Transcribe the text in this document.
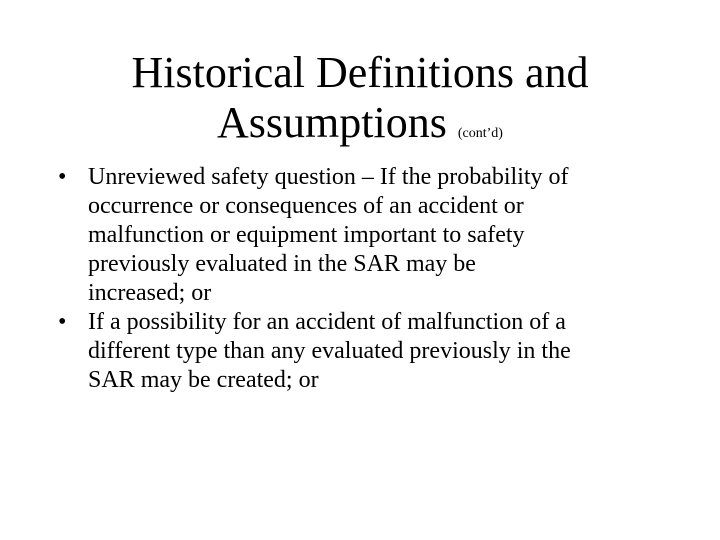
Historical Definitions and
Assumptions (cont’d)
• Unreviewed safety question – If the probability of
occurrence or consequences of an accident or
malfunction or equipment important to safety
previously evaluated in the SAR may be
increased; or
• If a possibility for an accident of malfunction of a
different type than any evaluated previously in the
SAR may be created; or
